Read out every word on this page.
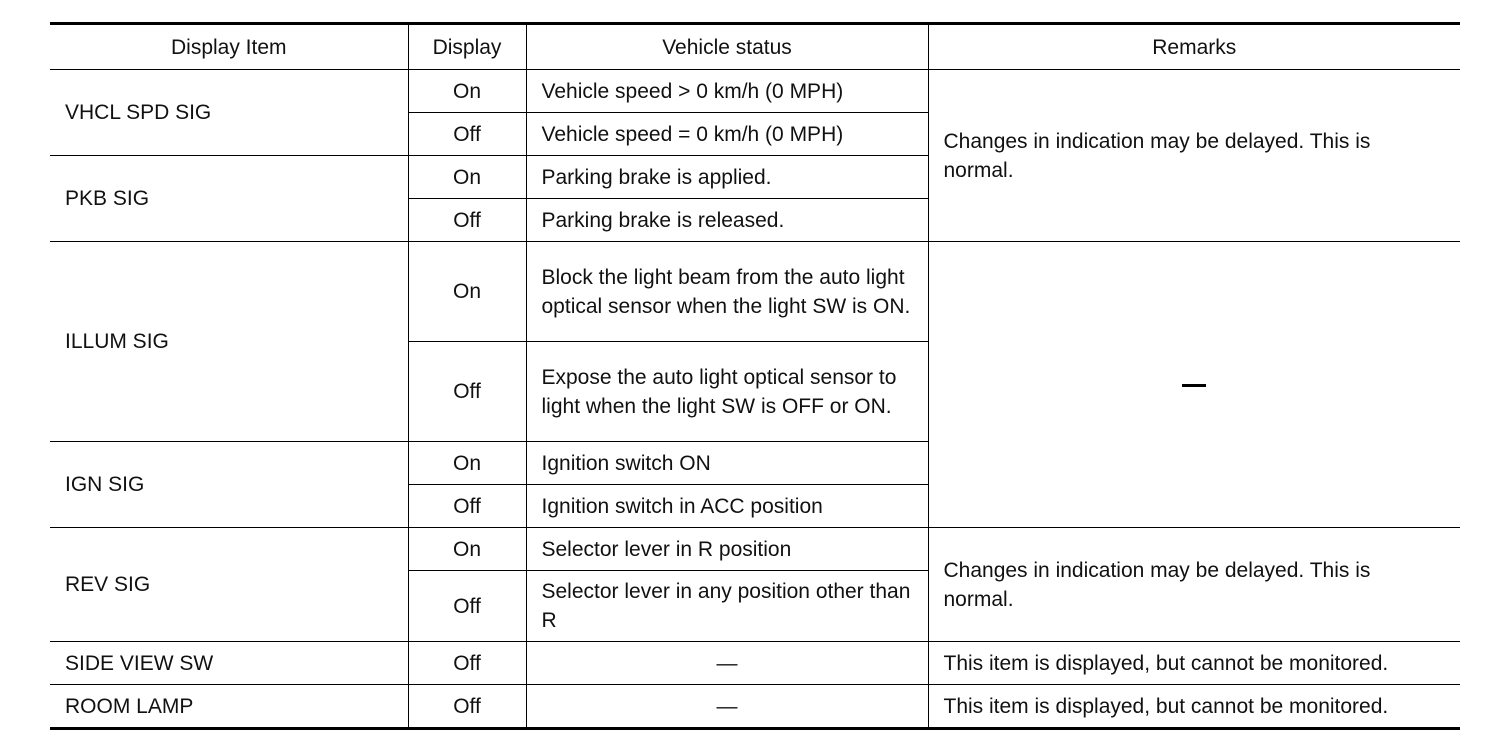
Display Item	Display	Vehicle status	Remarks
VHCL SPD SIG	On	Vehicle speed > 0 km/h (0 MPH)	Changes in indication may be delayed. This is normal.
	Off	Vehicle speed = 0 km/h (0 MPH)	
PKB SIG	On	Parking brake is applied.	
	Off	Parking brake is released.	
ILLUM SIG	On	Block the light beam from the auto light optical sensor when the light SW is ON.	
	Off	Expose the auto light optical sensor to light when the light SW is OFF or ON.	
IGN SIG	On	Ignition switch ON	
	Off	Ignition switch in ACC position	
REV SIG	On	Selector lever in R position	Changes in indication may be delayed. This is normal.
	Off	Selector lever in any position other than R	
SIDE VIEW SW	Off	—	This item is displayed, but cannot be monitored.
ROOM LAMP	Off	—	This item is displayed, but cannot be monitored.
